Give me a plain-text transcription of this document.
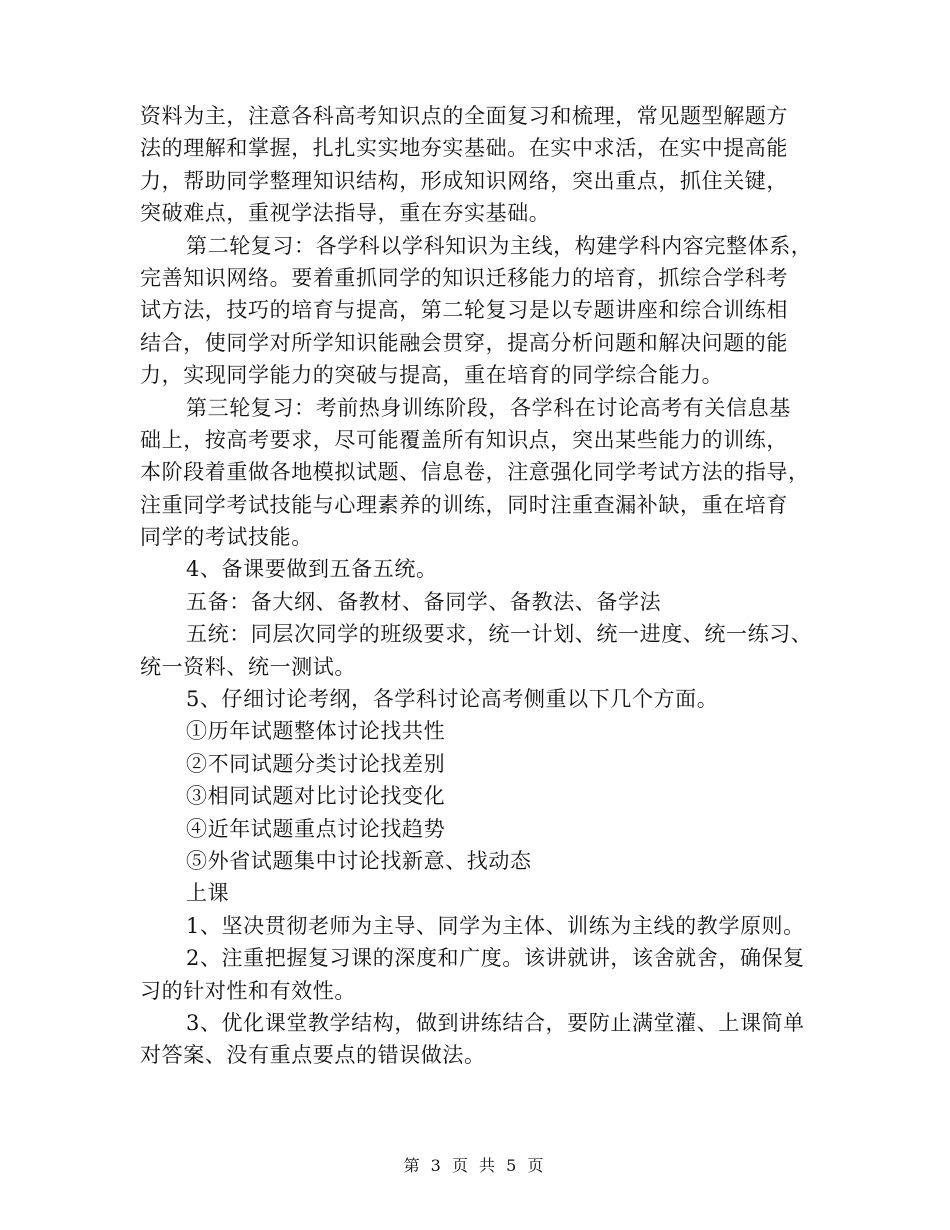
资料为主，注意各科高考知识点的全面复习和梳理，常见题型解题方
法的理解和掌握，扎扎实实地夯实基础。在实中求活，在实中提高能
力，帮助同学整理知识结构，形成知识网络，突出重点，抓住关键，
突破难点，重视学法指导，重在夯实基础。
第二轮复习：各学科以学科知识为主线，构建学科内容完整体系，
完善知识网络。要着重抓同学的知识迁移能力的培育，抓综合学科考
试方法，技巧的培育与提高，第二轮复习是以专题讲座和综合训练相
结合，使同学对所学知识能融会贯穿，提高分析问题和解决问题的能
力，实现同学能力的突破与提高，重在培育的同学综合能力。
第三轮复习：考前热身训练阶段，各学科在讨论高考有关信息基
础上，按高考要求，尽可能覆盖所有知识点，突出某些能力的训练，
本阶段着重做各地模拟试题、信息卷，注意强化同学考试方法的指导，
注重同学考试技能与心理素养的训练，同时注重查漏补缺，重在培育
同学的考试技能。
4、备课要做到五备五统。
五备：备大纲、备教材、备同学、备教法、备学法
五统：同层次同学的班级要求，统一计划、统一进度、统一练习、
统一资料、统一测试。
5、仔细讨论考纲，各学科讨论高考侧重以下几个方面。
①历年试题整体讨论找共性
②不同试题分类讨论找差别
③相同试题对比讨论找变化
④近年试题重点讨论找趋势
⑤外省试题集中讨论找新意、找动态
上课
1、坚决贯彻老师为主导、同学为主体、训练为主线的教学原则。
2、注重把握复习课的深度和广度。该讲就讲，该舍就舍，确保复
习的针对性和有效性。
3、优化课堂教学结构，做到讲练结合，要防止满堂灌、上课简单
对答案、没有重点要点的错误做法。
第 3 页 共 5 页
